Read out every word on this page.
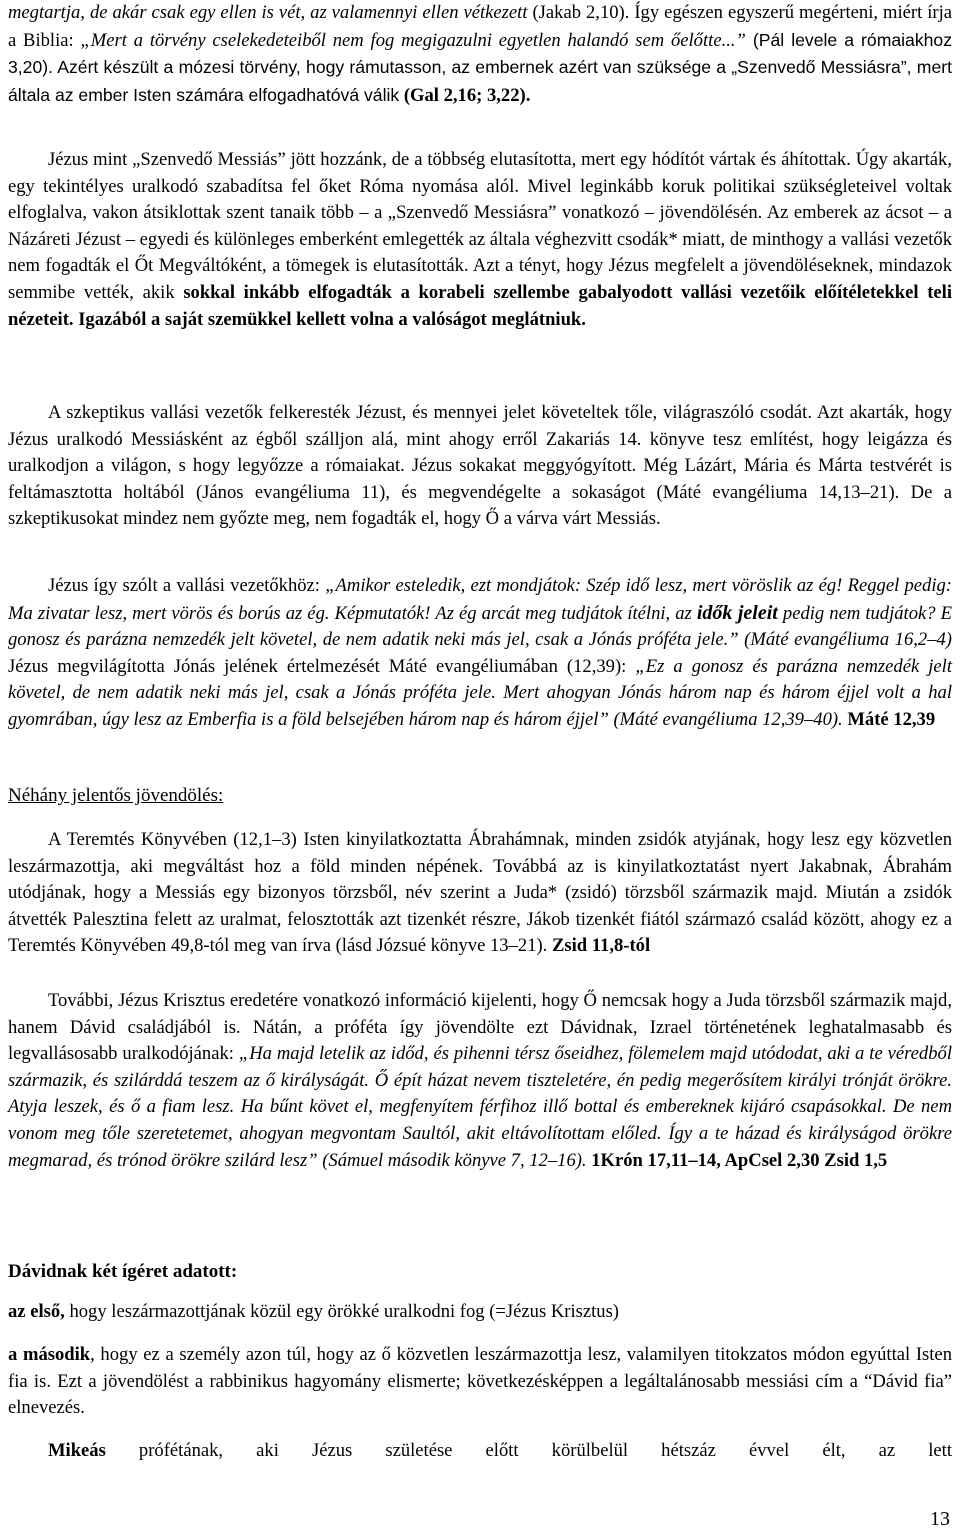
megtartja, de akár csak egy ellen is vét, az valamennyi ellen vétkezett (Jakab 2,10). Így egészen egyszerű megérteni, miért írja a Biblia: „Mert a törvény cselekedeteiből nem fog megigazulni egyetlen halandó sem őelőtte...” (Pál levele a rómaiakhoz 3,20). Azért készült a mózesi törvény, hogy rámutasson, az embernek azért van szüksége a „Szenvedő Messiásra”, mert általa az ember Isten számára elfogadhatóvá válik (Gal 2,16; 3,22).

Jézus mint „Szenvedő Messiás” jött hozzánk, de a többség elutasította, mert egy hódítót vártak és áhítottak. Úgy akarták, egy tekintélyes uralkodó szabadítsa fel őket Róma nyomása alól. Mivel leginkább koruk politikai szükségleteivel voltak elfoglalva, vakon átsiklottak szent tanaik több – a „Szenvedő Messiásra” vonatkozó – jövendölésén. Az emberek az ácsot – a Názáreti Jézust – egyedi és különleges emberként emlegették az általa véghezvitt csodák* miatt, de minthogy a vallási vezetők nem fogadták el Őt Megváltóként, a tömegek is elutasították. Azt a tényt, hogy Jézus megfelelt a jövendöléseknek, mindazok semmibe vették, akik sokkal inkább elfogadták a korabeli szellembe gabalyodott vallási vezetőik előítéletekkel teli nézeteit. Igazából a saját szemükkel kellett volna a valóságot meglátniuk.

A szkeptikus vallási vezetők felkeresték Jézust, és mennyei jelet követeltek tőle, világraszóló csodát. Azt akarták, hogy Jézus uralkodó Messiásként az égből szálljon alá, mint ahogy erről Zakariás 14. könyve tesz említést, hogy leigázza és uralkodjon a világon, s hogy legyőzze a rómaiakat. Jézus sokakat meggyógyított. Még Lázárt, Mária és Márta testvérét is feltámasztotta holtából (János evangéliuma 11), és megvendégelte a sokaságot (Máté evangéliuma 14,13–21). De a szkeptikusokat mindez nem győzte meg, nem fogadták el, hogy Ő a várva várt Messiás.

Jézus így szólt a vallási vezetőkhöz: „Amikor esteledik, ezt mondjátok: Szép idő lesz, mert vöröslik az ég! Reggel pedig: Ma zivatar lesz, mert vörös és borús az ég. Képmutatók! Az ég arcát meg tudjátok ítélni, az idők jeleit pedig nem tudjátok? E gonosz és parázna nemzedék jelt követel, de nem adatik neki más jel, csak a Jónás próféta jele.” (Máté evangéliuma 16,2–4) Jézus megvilágította Jónás jelének értelmezését Máté evangéliumában (12,39): „Ez a gonosz és parázna nemzedék jelt követel, de nem adatik neki más jel, csak a Jónás próféta jele. Mert ahogyan Jónás három nap és három éjjel volt a hal gyomrában, úgy lesz az Emberfia is a föld belsejében három nap és három éjjel” (Máté evangéliuma 12,39–40). Máté 12,39

Néhány jelentős jövendölés:

A Teremtés Könyvében (12,1–3) Isten kinyilatkoztatta Ábrahámnak, minden zsidók atyjának, hogy lesz egy közvetlen leszármazottja, aki megváltást hoz a föld minden népének. Továbbá az is kinyilatkoztatást nyert Jakabnak, Ábrahám utódjának, hogy a Messiás egy bizonyos törzsből, név szerint a Juda* (zsidó) törzsből származik majd. Miután a zsidók átvették Palesztina felett az uralmat, felosztották azt tizenkét részre, Jákob tizenkét fiától származó család között, ahogy ez a Teremtés Könyvében 49,8-tól meg van írva (lásd Józsué könyve 13–21). Zsid 11,8-tól

További, Jézus Krisztus eredetére vonatkozó információ kijelenti, hogy Ő nemcsak hogy a Juda törzsből származik majd, hanem Dávid családjából is. Nátán, a próféta így jövendölte ezt Dávidnak, Izrael történetének leghatalmasabb és legvallásosabb uralkodójának: „Ha majd letelik az időd, és pihenni térsz őseidhez, fölemelem majd utódodat, aki a te véredből származik, és szilárddá teszem az ő királyságát. Ő épít házat nevem tiszteletére, én pedig megerősítem királyi trónját örökre. Atyja leszek, és ő a fiam lesz. Ha bűnt követ el, megfenyítem férfihoz illő bottal és embereknek kijáró csapásokkal. De nem vonom meg tőle szeretetemet, ahogyan megvontam Saultól, akit eltávolítottam előled. Így a te házad és királyságod örökre megmarad, és trónod örökre szilárd lesz” (Sámuel második könyve 7, 12–16). 1Krón 17,11–14, ApCsel 2,30 Zsid 1,5

Dávidnak két ígéret adatott:

az első, hogy leszármazottjának közül egy örökké uralkodni fog (=Jézus Krisztus)

a második, hogy ez a személy azon túl, hogy az ő közvetlen leszármazottja lesz, valamilyen titokzatos módon egyúttal Isten fia is. Ezt a jövendölést a rabbinikus hagyomány elismerte; következésképpen a legáltalánosabb messiási cím a “Dávid fia” elnevezés.

Mikeás prófétának, aki Jézus születése előtt körülbelül hétszáz évvel élt, az lett

13
